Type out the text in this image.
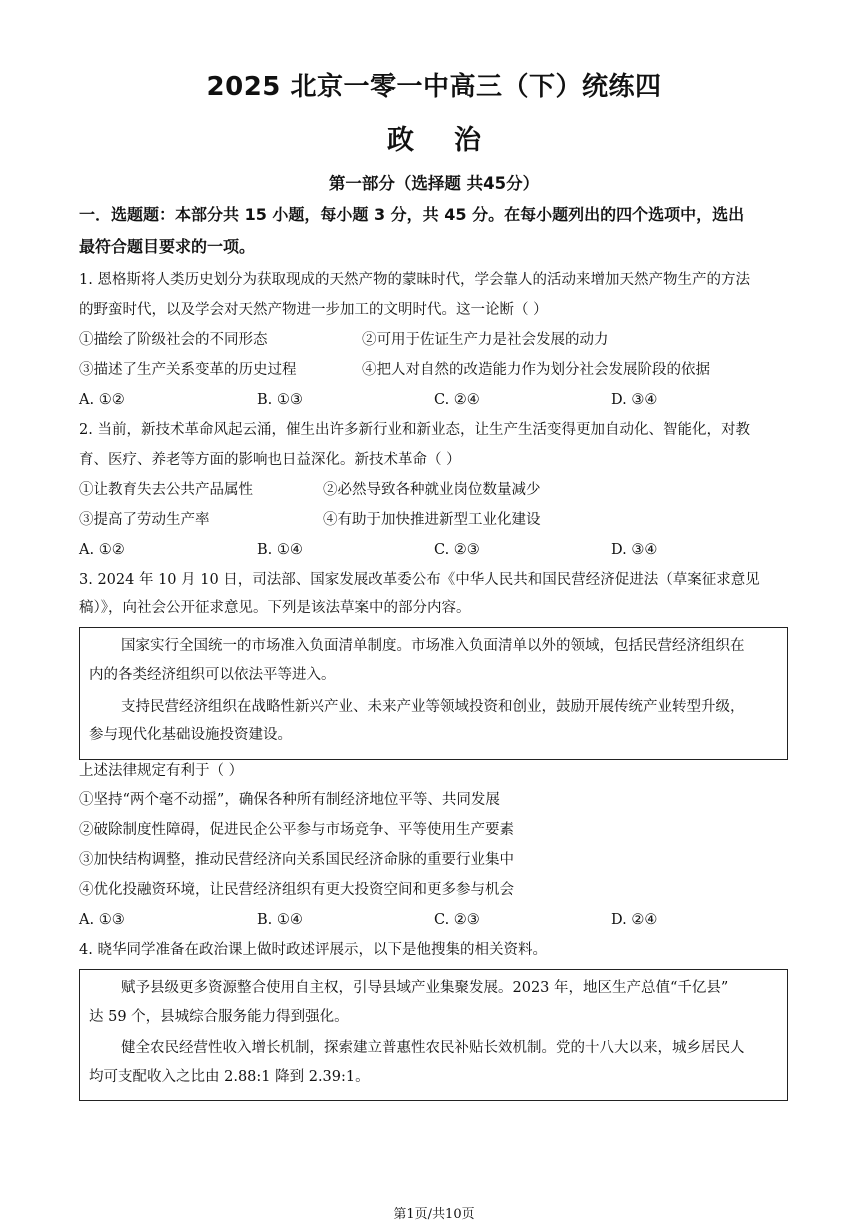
2025 北京一零一中高三（下）统练四
政治
第一部分（选择题 共45分）
一．选题题：本部分共 15 小题，每小题 3 分，共 45 分。在每小题列出的四个选项中，选出
最符合题目要求的一项。
1. 恩格斯将人类历史划分为获取现成的天然产物的蒙昧时代，学会靠人的活动来增加天然产物生产的方法
的野蛮时代，以及学会对天然产物进一步加工的文明时代。这一论断（ ）
①描绘了阶级社会的不同形态	②可用于佐证生产力是社会发展的动力
③描述了生产关系变革的历史过程	④把人对自然的改造能力作为划分社会发展阶段的依据
A. ①②	B. ①③	C. ②④	D. ③④
2. 当前，新技术革命风起云涌，催生出许多新行业和新业态，让生产生活变得更加自动化、智能化，对教
育、医疗、养老等方面的影响也日益深化。新技术革命（ ）
①让教育失去公共产品属性	②必然导致各种就业岗位数量减少
③提高了劳动生产率	④有助于加快推进新型工业化建设
A. ①②	B. ①④	C. ②③	D. ③④
3. 2024 年 10 月 10 日，司法部、国家发展改革委公布《中华人民共和国民营经济促进法（草案征求意见
稿）》，向社会公开征求意见。下列是该法草案中的部分内容。
国家实行全国统一的市场准入负面清单制度。市场准入负面清单以外的领域，包括民营经济组织在
内的各类经济组织可以依法平等进入。
支持民营经济组织在战略性新兴产业、未来产业等领域投资和创业，鼓励开展传统产业转型升级，
参与现代化基础设施投资建设。
上述法律规定有利于（ ）
①坚持“两个毫不动摇”，确保各种所有制经济地位平等、共同发展
②破除制度性障碍，促进民企公平参与市场竞争、平等使用生产要素
③加快结构调整，推动民营经济向关系国民经济命脉的重要行业集中
④优化投融资环境，让民营经济组织有更大投资空间和更多参与机会
A. ①③	B. ①④	C. ②③	D. ②④
4. 晓华同学准备在政治课上做时政述评展示，以下是他搜集的相关资料。
赋予县级更多资源整合使用自主权，引导县域产业集聚发展。2023 年，地区生产总值“千亿县”
达 59 个，县城综合服务能力得到强化。
健全农民经营性收入增长机制，探索建立普惠性农民补贴长效机制。党的十八大以来，城乡居民人
均可支配收入之比由 2.88:1 降到 2.39:1。
第1页/共10页
